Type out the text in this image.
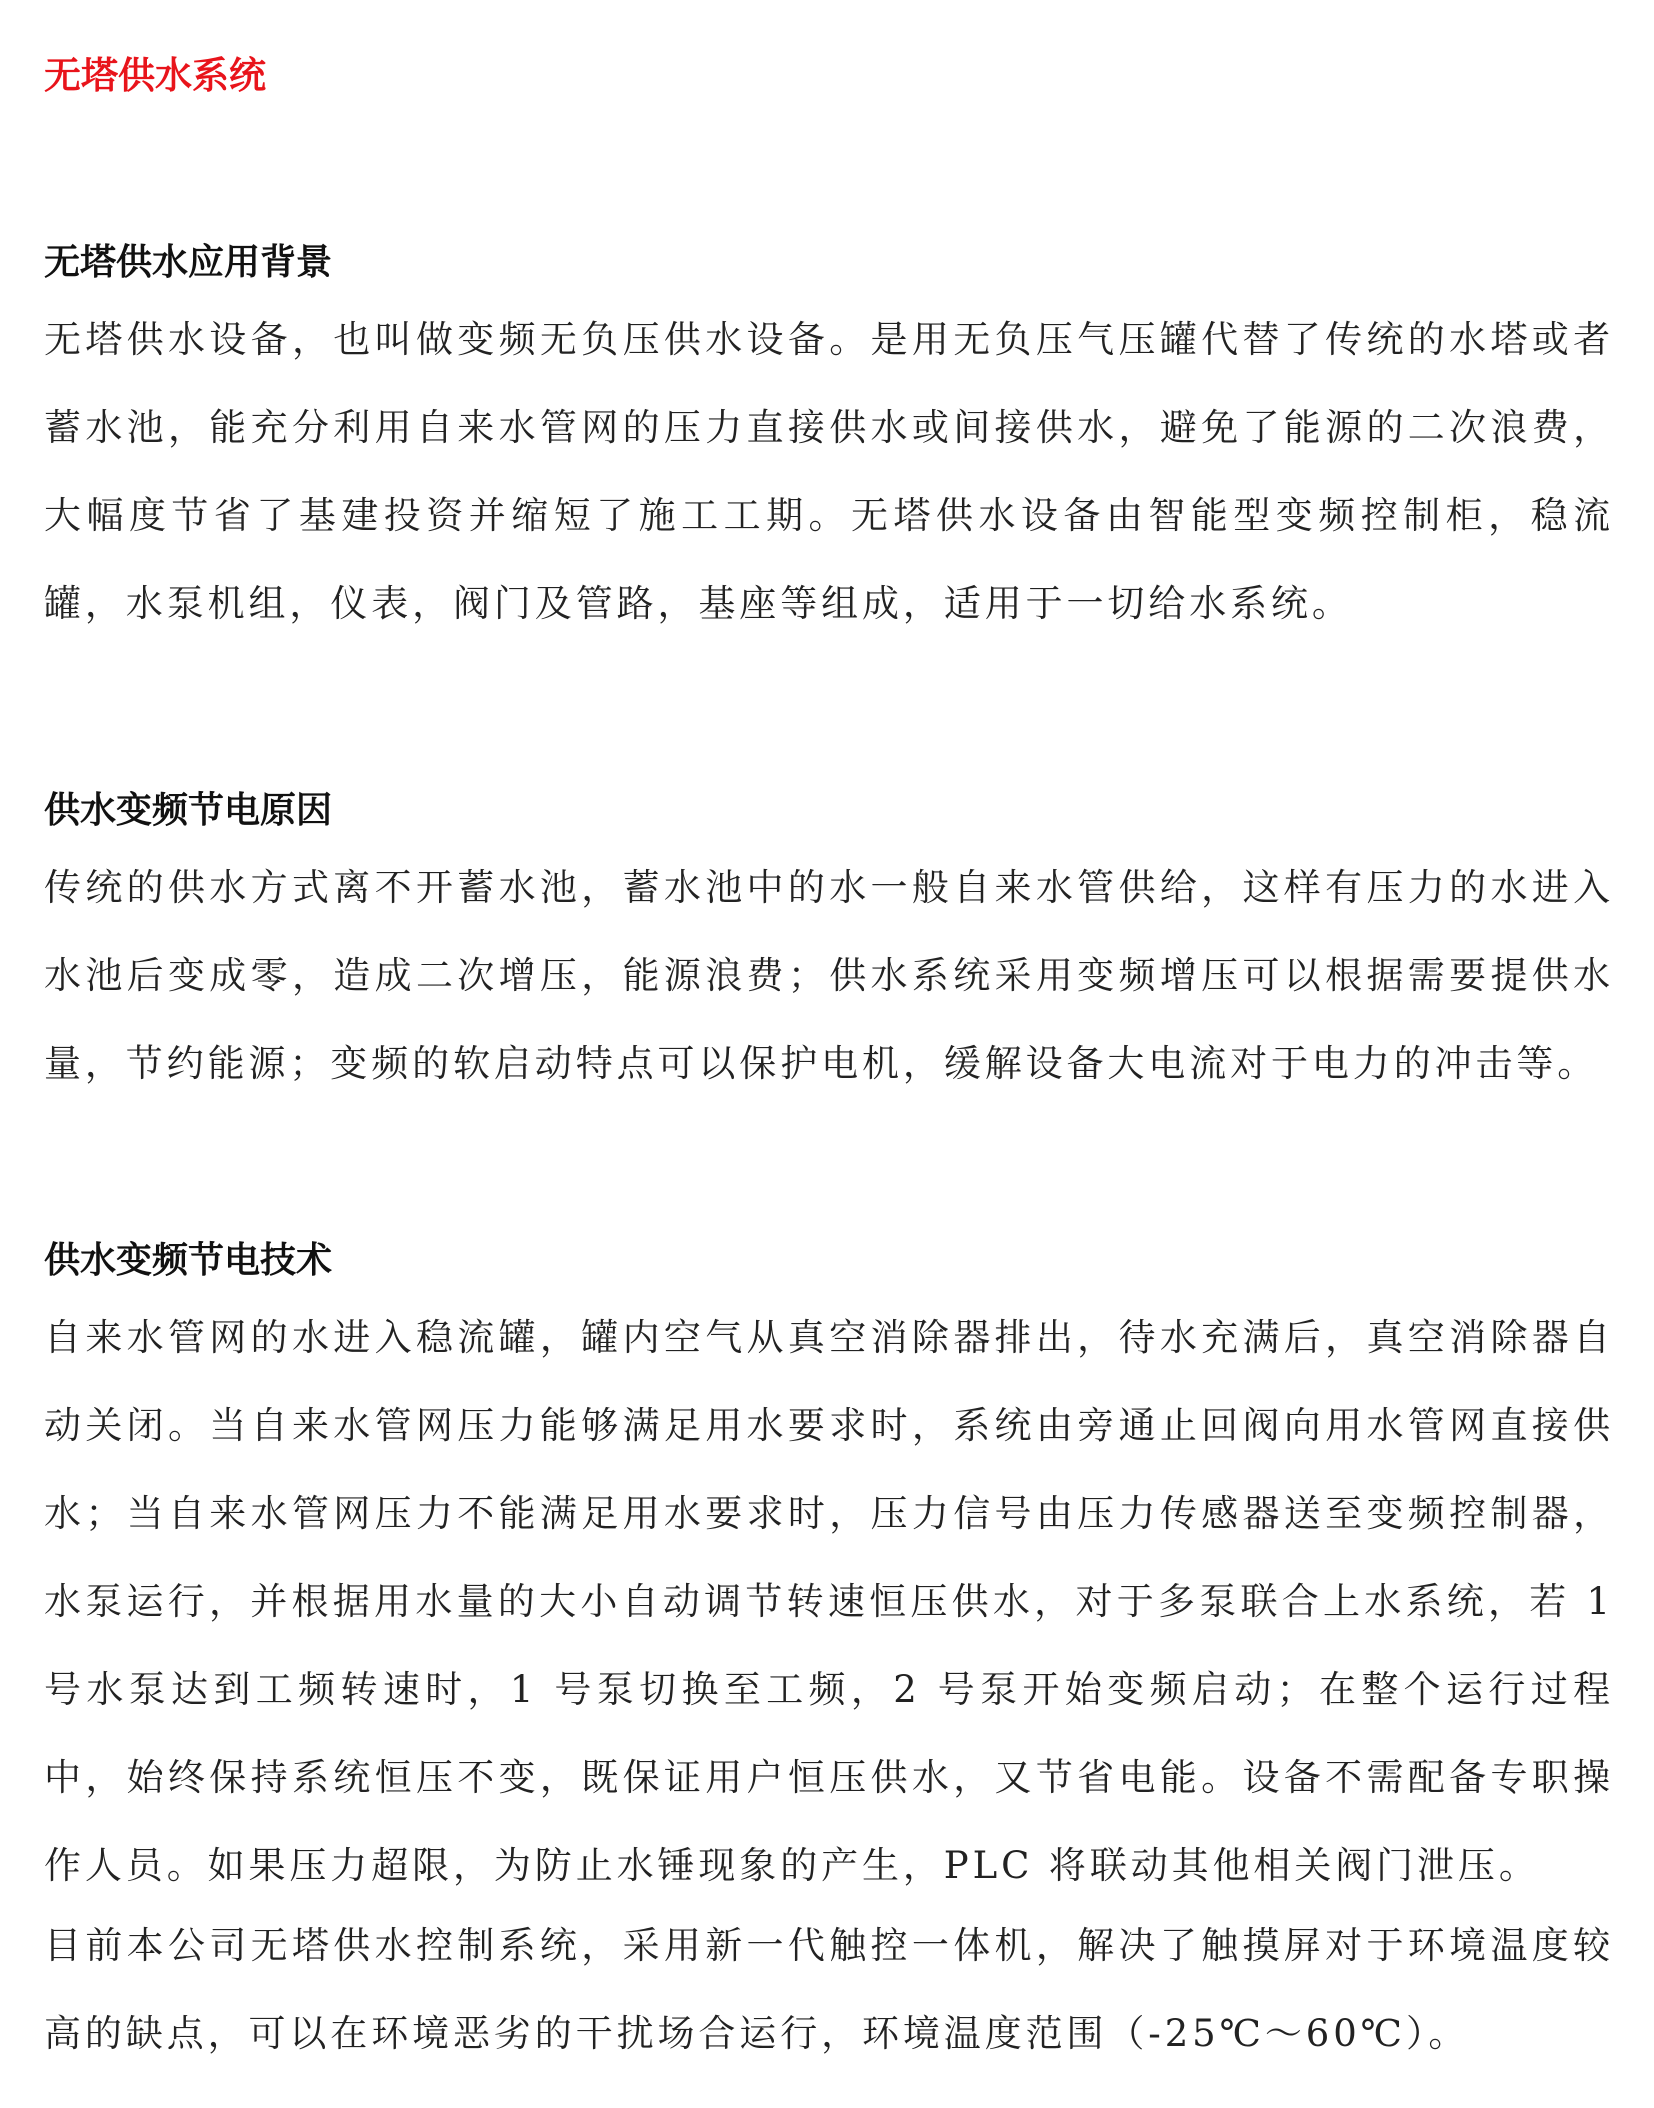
无塔供水系统
无塔供水应用背景

无塔供水设备，也叫做变频无负压供水设备。是用无负压气压罐代替了传统的水塔或者蓄水池，能充分利用自来水管网的压力直接供水或间接供水，避免了能源的二次浪费，大幅度节省了基建投资并缩短了施工工期。无塔供水设备由智能型变频控制柜，稳流罐，水泵机组，仪表，阀门及管路，基座等组成，适用于一切给水系统。

供水变频节电原因

传统的供水方式离不开蓄水池，蓄水池中的水一般自来水管供给，这样有压力的水进入水池后变成零，造成二次增压，能源浪费；供水系统采用变频增压可以根据需要提供水量，节约能源；变频的软启动特点可以保护电机，缓解设备大电流对于电力的冲击等。

供水变频节电技术

自来水管网的水进入稳流罐，罐内空气从真空消除器排出，待水充满后，真空消除器自动关闭。当自来水管网压力能够满足用水要求时，系统由旁通止回阀向用水管网直接供水；当自来水管网压力不能满足用水要求时，压力信号由压力传感器送至变频控制器，水泵运行，并根据用水量的大小自动调节转速恒压供水，对于多泵联合上水系统，若 1 号水泵达到工频转速时，1 号泵切换至工频，2 号泵开始变频启动；在整个运行过程中，始终保持系统恒压不变，既保证用户恒压供水，又节省电能。设备不需配备专职操作人员。如果压力超限，为防止水锤现象的产生，PLC 将联动其他相关阀门泄压。

目前本公司无塔供水控制系统，采用新一代触控一体机，解决了触摸屏对于环境温度较高的缺点，可以在环境恶劣的干扰场合运行，环境温度范围（-25℃～60℃）。
